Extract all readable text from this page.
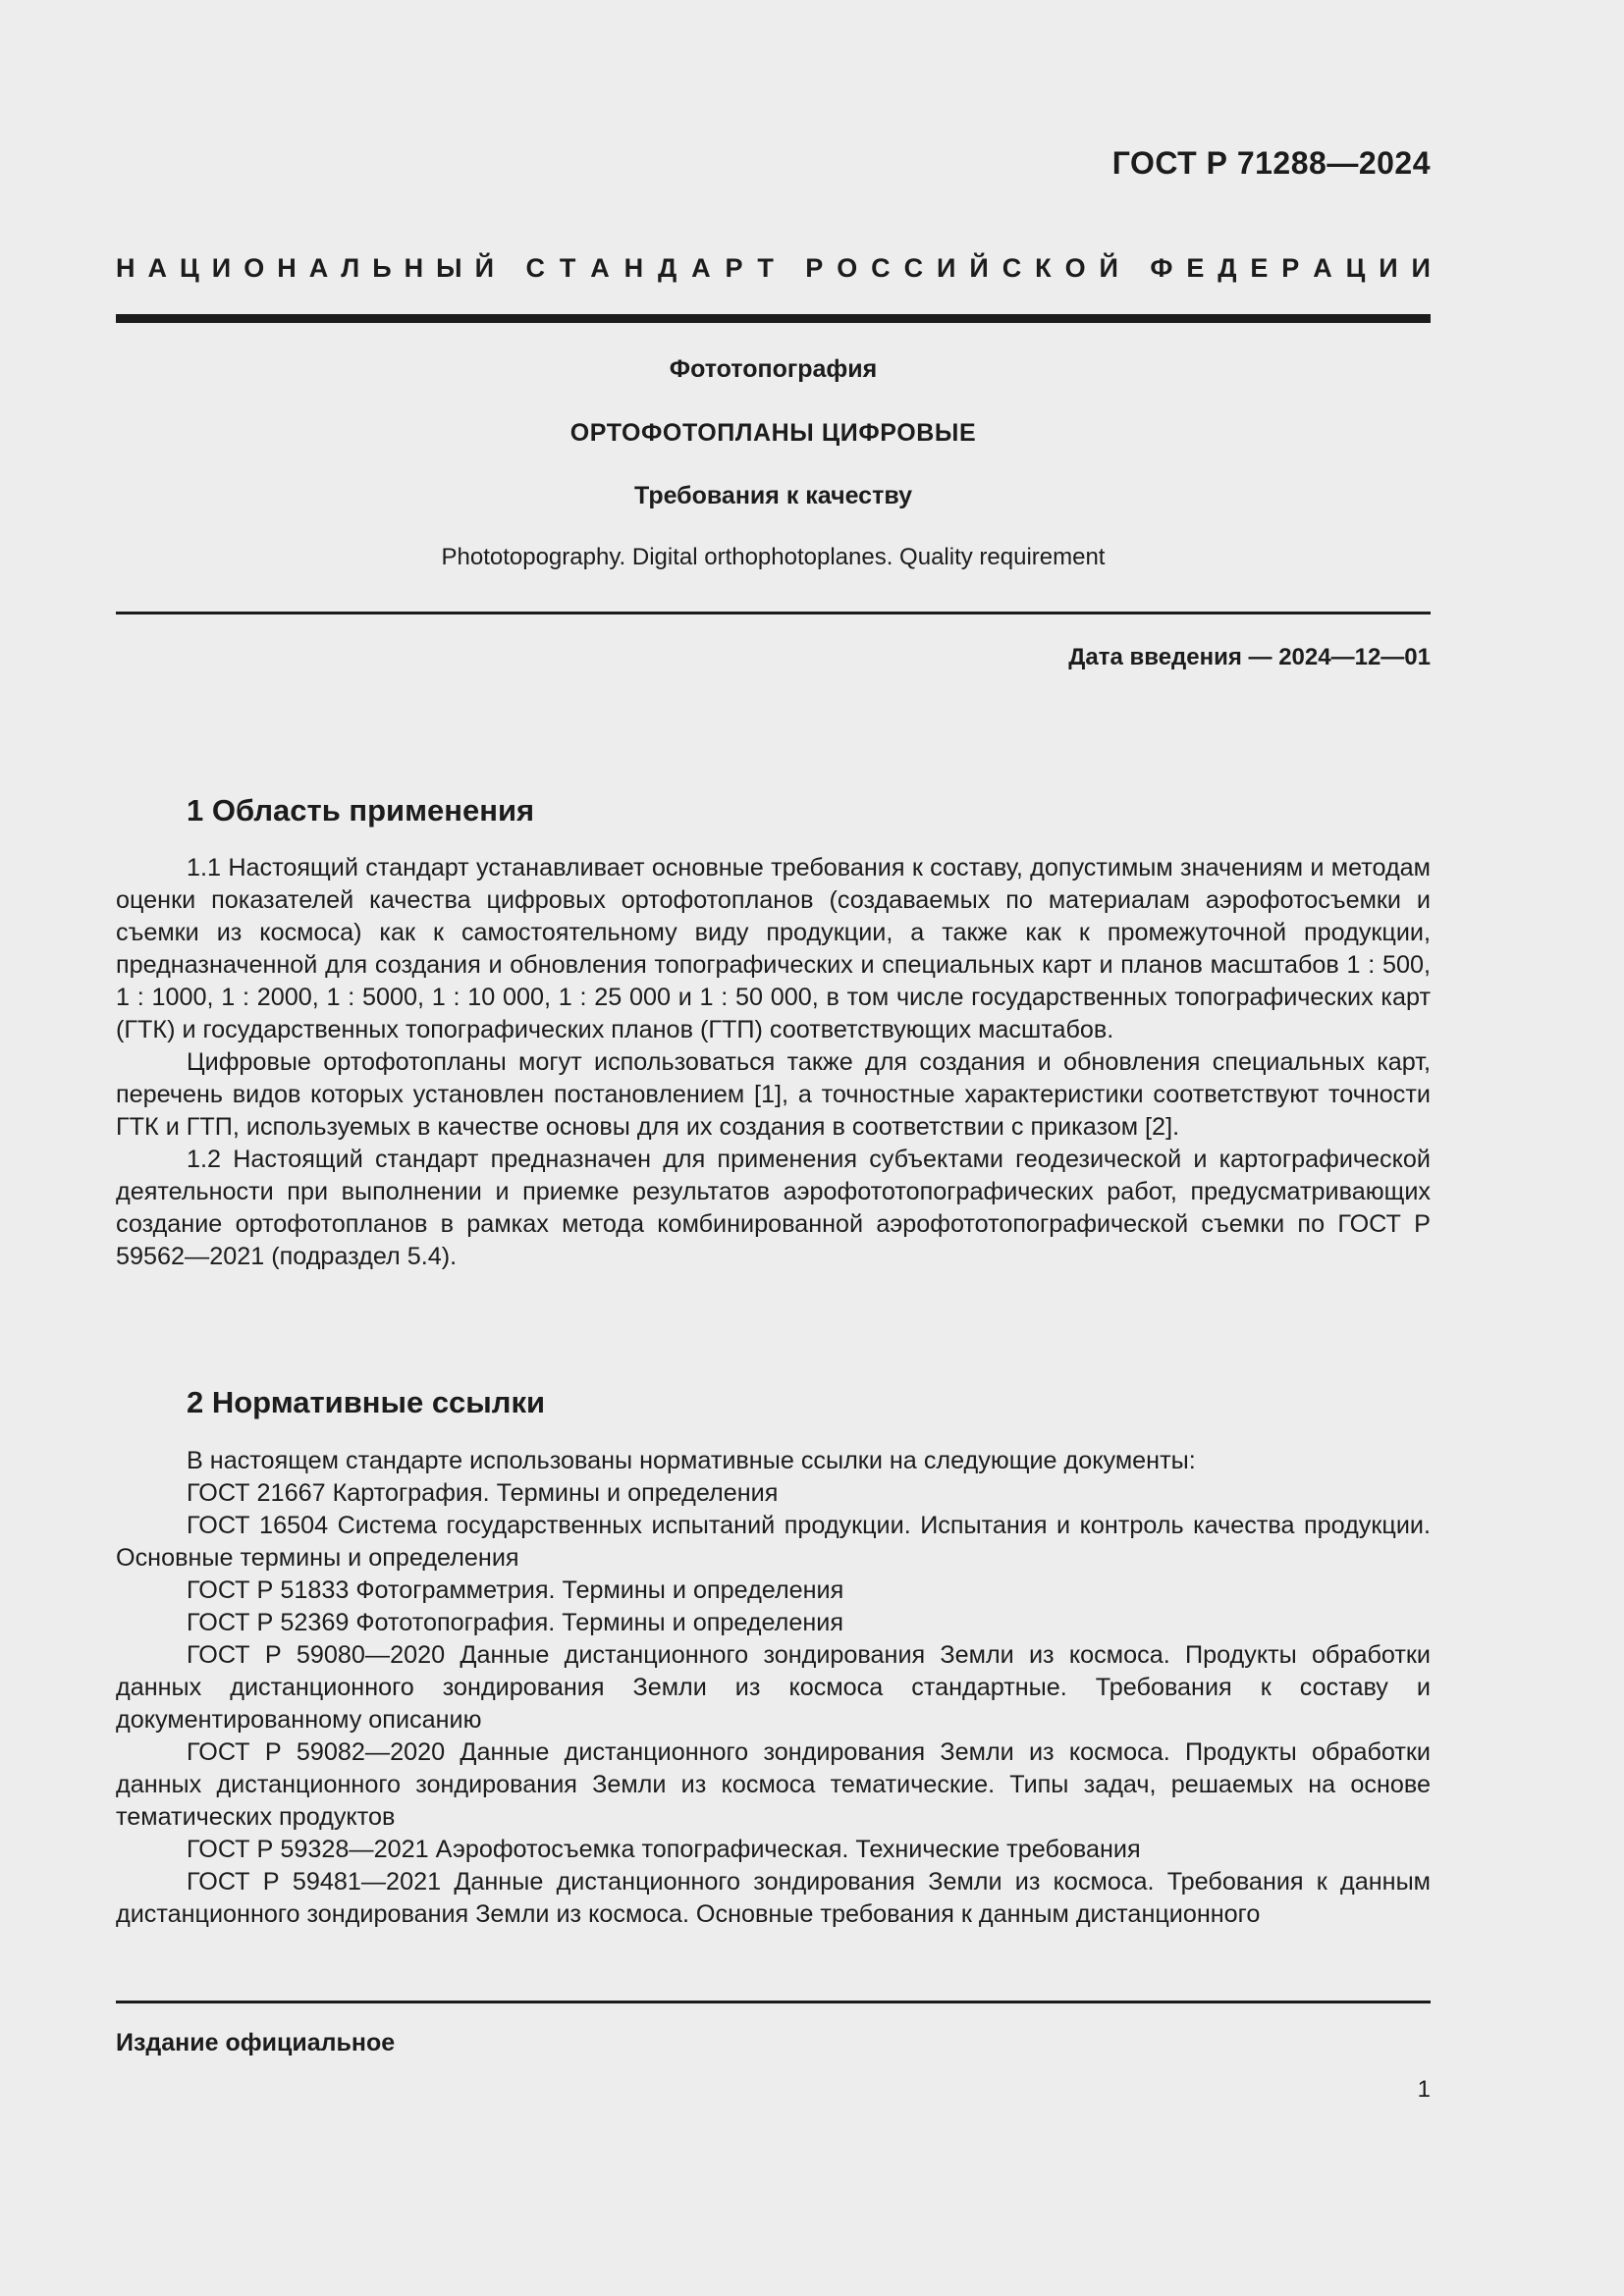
ГОСТ Р 71288—2024
Н А Ц И О Н А Л Ь Н Ы Й С Т А Н Д А Р Т Р О С С И Й С К О Й Ф Е Д Е Р А Ц И И
Фототопография
ОРТОФОТОПЛАНЫ ЦИФРОВЫЕ
Требования к качеству
Phototopography. Digital orthophotoplanes. Quality requirement
Дата введения — 2024—12—01
1 Область применения

1.1 Настоящий стандарт устанавливает основные требования к составу, допустимым значениям и методам оценки показателей качества цифровых ортофотопланов (создаваемых по материалам аэрофотосъемки и съемки из космоса) как к самостоятельному виду продукции, а также как к промежуточной продукции, предназначенной для создания и обновления топографических и специальных карт и планов масштабов 1 : 500, 1 : 1000, 1 : 2000, 1 : 5000, 1 : 10 000, 1 : 25 000 и 1 : 50 000, в том числе государственных топографических карт (ГТК) и государственных топографических планов (ГТП) соответствующих масштабов.

Цифровые ортофотопланы могут использоваться также для создания и обновления специальных карт, перечень видов которых установлен постановлением [1], а точностные характеристики соответствуют точности ГТК и ГТП, используемых в качестве основы для их создания в соответствии с приказом [2].

1.2 Настоящий стандарт предназначен для применения субъектами геодезической и картографической деятельности при выполнении и приемке результатов аэрофототопографических работ, предусматривающих создание ортофотопланов в рамках метода комбинированной аэрофототопографической съемки по ГОСТ Р 59562—2021 (подраздел 5.4).

2 Нормативные ссылки

В настоящем стандарте использованы нормативные ссылки на следующие документы:

ГОСТ 21667 Картография. Термины и определения

ГОСТ 16504 Система государственных испытаний продукции. Испытания и контроль качества продукции. Основные термины и определения

ГОСТ Р 51833 Фотограмметрия. Термины и определения

ГОСТ Р 52369 Фототопография. Термины и определения

ГОСТ Р 59080—2020 Данные дистанционного зондирования Земли из космоса. Продукты обработки данных дистанционного зондирования Земли из космоса стандартные. Требования к составу и документированному описанию

ГОСТ Р 59082—2020 Данные дистанционного зондирования Земли из космоса. Продукты обработки данных дистанционного зондирования Земли из космоса тематические. Типы задач, решаемых на основе тематических продуктов

ГОСТ Р 59328—2021 Аэрофотосъемка топографическая. Технические требования

ГОСТ Р 59481—2021 Данные дистанционного зондирования Земли из космоса. Требования к данным дистанционного зондирования Земли из космоса. Основные требования к данным дистанционного

Издание официальное
1
